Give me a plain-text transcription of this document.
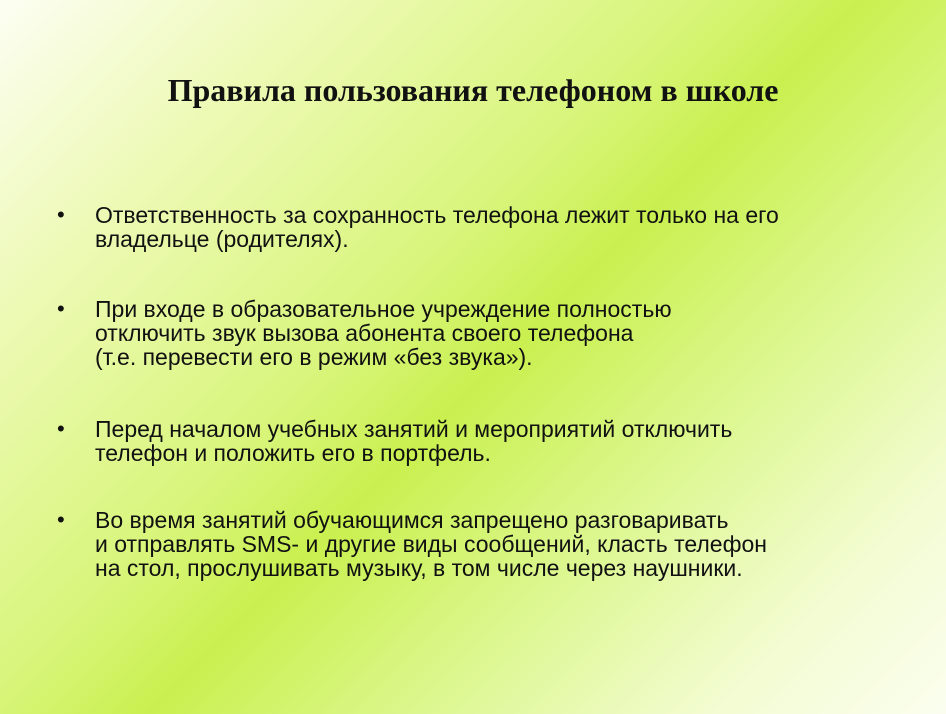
Правила пользования телефоном в школе
• Ответственность за сохранность телефона лежит только на его
владельце (родителях).
• При входе в образовательное учреждение полностью
отключить звук вызова абонента своего телефона
(т.е. перевести его в режим «без звука»).
• Перед началом учебных занятий и мероприятий отключить
телефон и положить его в портфель.
• Во время занятий обучающимся запрещено разговаривать
и отправлять SMS- и другие виды сообщений, класть телефон
на стол, прослушивать музыку, в том числе через наушники.
